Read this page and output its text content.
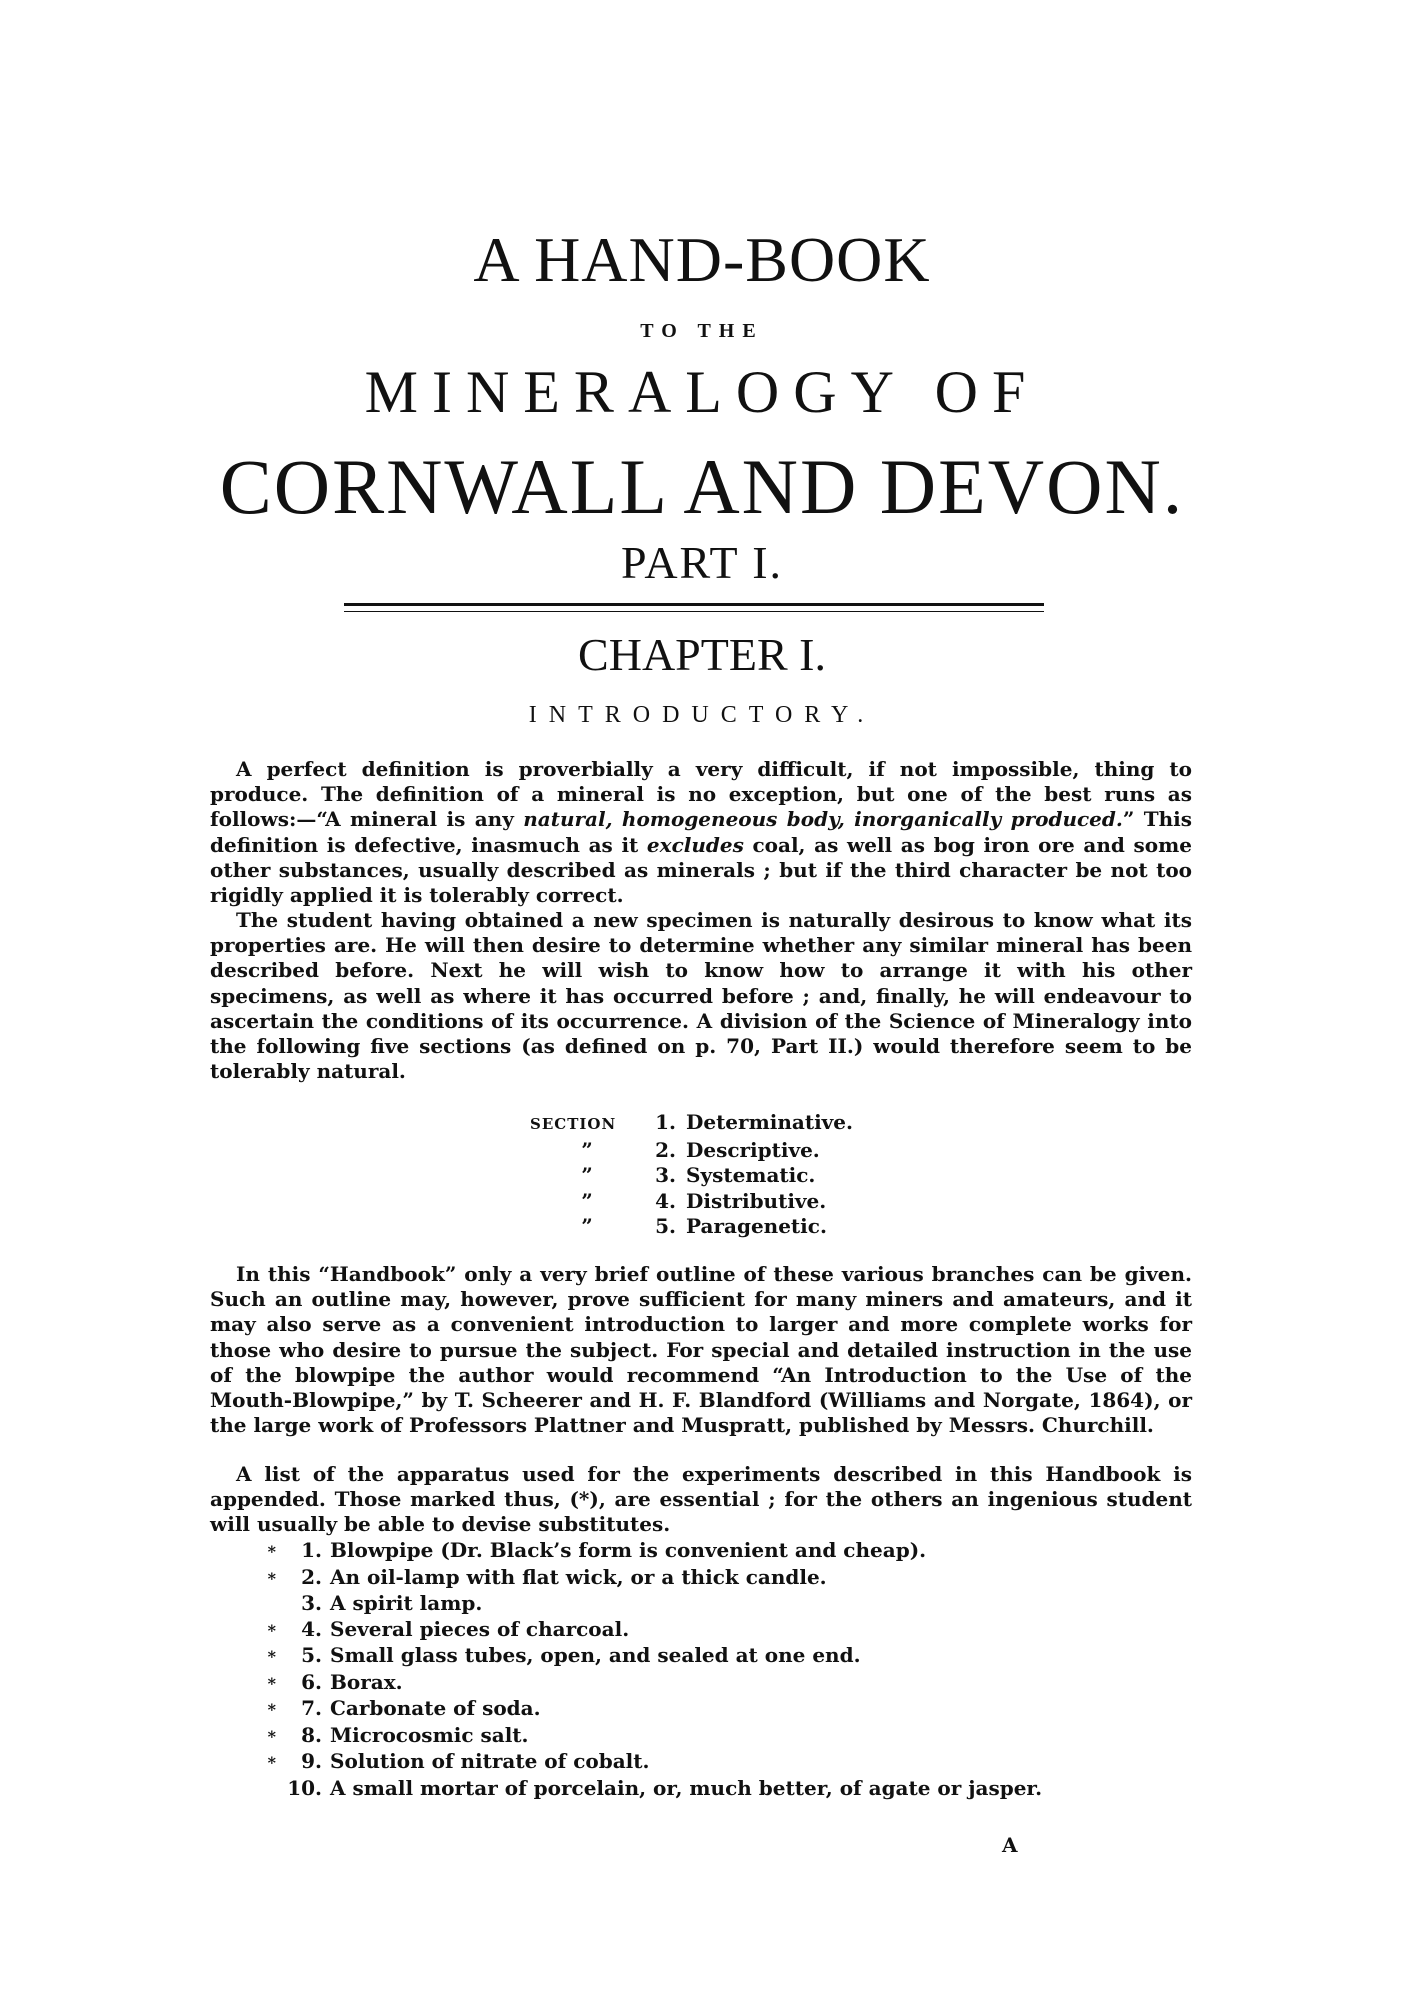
A HAND-BOOK
TO THE
MINERALOGY OF
CORNWALL AND DEVON.
PART I.
CHAPTER I.
INTRODUCTORY.

A perfect definition is proverbially a very difficult, if not impossible, thing to produce. The definition of a mineral is no exception, but one of the best runs as follows:—“A mineral is any natural, homogeneous body, inorganically produced.” This definition is defective, inasmuch as it excludes coal, as well as bog iron ore and some other substances, usually described as minerals ; but if the third character be not too rigidly applied it is tolerably correct.

The student having obtained a new specimen is naturally desirous to know what its properties are. He will then desire to determine whether any similar mineral has been described before. Next he will wish to know how to arrange it with his other specimens, as well as where it has occurred before ; and, finally, he will endeavour to ascertain the conditions of its occurrence. A division of the Science of Mineralogy into the following five sections (as defined on p. 70, Part II.) would therefore seem to be tolerably natural.

SECTION	1. Determinative.
”	2. Descriptive.
”	3. Systematic.
”	4. Distributive.
”	5. Paragenetic.

In this “Handbook” only a very brief outline of these various branches can be given. Such an outline may, however, prove sufficient for many miners and amateurs, and it may also serve as a convenient introduction to larger and more complete works for those who desire to pursue the subject. For special and detailed instruction in the use of the blowpipe the author would recommend “An Introduction to the Use of the Mouth-Blowpipe,” by T. Scheerer and H. F. Blandford (Williams and Norgate, 1864), or the large work of Professors Plattner and Muspratt, published by Messrs. Churchill.

A list of the apparatus used for the experiments described in this Handbook is appended. Those marked thus, (*), are essential ; for the others an ingenious student will usually be able to devise substitutes.

*	1. Blowpipe (Dr. Black’s form is convenient and cheap).
*	2. An oil-lamp with flat wick, or a thick candle.
3. A spirit lamp.
*	4. Several pieces of charcoal.
*	5. Small glass tubes, open, and sealed at one end.
*	6. Borax.
*	7. Carbonate of soda.
*	8. Microcosmic salt.
*	9. Solution of nitrate of cobalt.
10. A small mortar of porcelain, or, much better, of agate or jasper.
A
